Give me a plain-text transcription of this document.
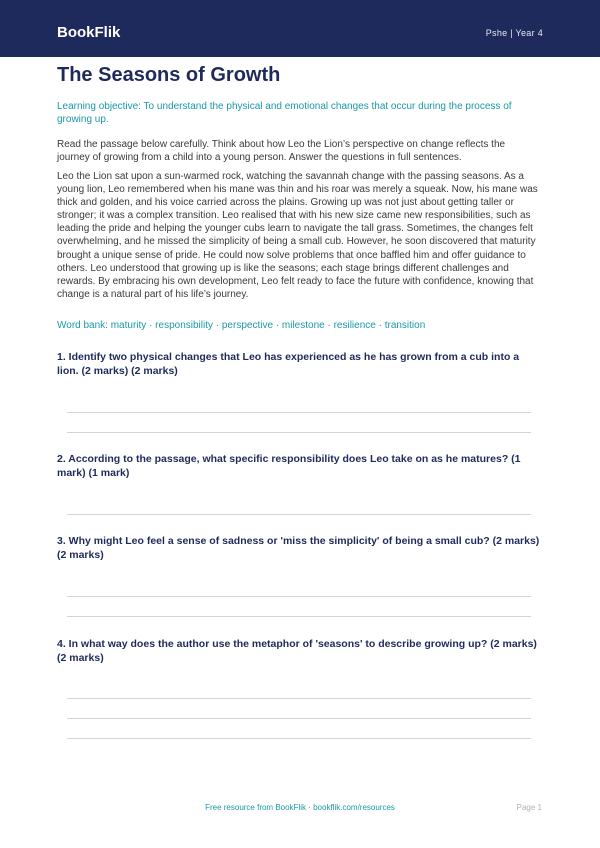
BookFlik	Pshe | Year 4
The Seasons of Growth
Learning objective: To understand the physical and emotional changes that occur during the process of growing up.
Read the passage below carefully. Think about how Leo the Lion’s perspective on change reflects the journey of growing from a child into a young person. Answer the questions in full sentences.
Leo the Lion sat upon a sun-warmed rock, watching the savannah change with the passing seasons. As a young lion, Leo remembered when his mane was thin and his roar was merely a squeak. Now, his mane was thick and golden, and his voice carried across the plains. Growing up was not just about getting taller or stronger; it was a complex transition. Leo realised that with his new size came new responsibilities, such as leading the pride and helping the younger cubs learn to navigate the tall grass. Sometimes, the changes felt overwhelming, and he missed the simplicity of being a small cub. However, he soon discovered that maturity brought a unique sense of pride. He could now solve problems that once baffled him and offer guidance to others. Leo understood that growing up is like the seasons; each stage brings different challenges and rewards. By embracing his own development, Leo felt ready to face the future with confidence, knowing that change is a natural part of his life’s journey.
Word bank: maturity · responsibility · perspective · milestone · resilience · transition
1. Identify two physical changes that Leo has experienced as he has grown from a cub into a lion. (2 marks) (2 marks)
2. According to the passage, what specific responsibility does Leo take on as he matures? (1 mark) (1 mark)
3. Why might Leo feel a sense of sadness or 'miss the simplicity' of being a small cub? (2 marks) (2 marks)
4. In what way does the author use the metaphor of 'seasons' to describe growing up? (2 marks) (2 marks)
Free resource from BookFlik · bookflik.com/resources	Page 1
